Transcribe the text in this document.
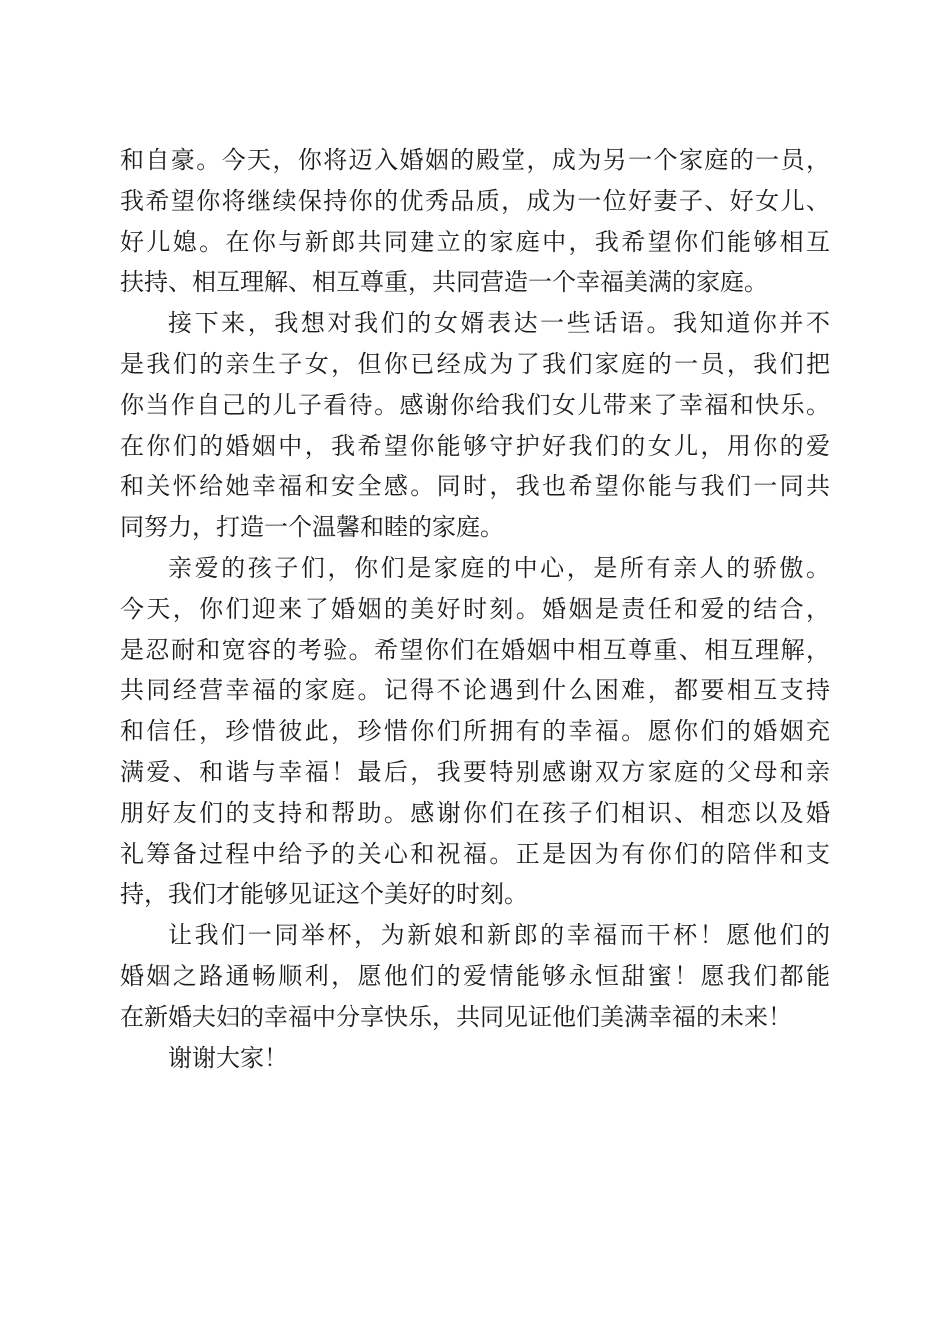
和自豪。今天，你将迈入婚姻的殿堂，成为另一个家庭的一员，
我希望你将继续保持你的优秀品质，成为一位好妻子、好女儿、
好儿媳。在你与新郎共同建立的家庭中，我希望你们能够相互
扶持、相互理解、相互尊重，共同营造一个幸福美满的家庭。
接下来，我想对我们的女婿表达一些话语。我知道你并不
是我们的亲生子女，但你已经成为了我们家庭的一员，我们把
你当作自己的儿子看待。感谢你给我们女儿带来了幸福和快乐。
在你们的婚姻中，我希望你能够守护好我们的女儿，用你的爱
和关怀给她幸福和安全感。同时，我也希望你能与我们一同共
同努力，打造一个温馨和睦的家庭。
亲爱的孩子们，你们是家庭的中心，是所有亲人的骄傲。
今天，你们迎来了婚姻的美好时刻。婚姻是责任和爱的结合，
是忍耐和宽容的考验。希望你们在婚姻中相互尊重、相互理解，
共同经营幸福的家庭。记得不论遇到什么困难，都要相互支持
和信任，珍惜彼此，珍惜你们所拥有的幸福。愿你们的婚姻充
满爱、和谐与幸福！最后，我要特别感谢双方家庭的父母和亲
朋好友们的支持和帮助。感谢你们在孩子们相识、相恋以及婚
礼筹备过程中给予的关心和祝福。正是因为有你们的陪伴和支
持，我们才能够见证这个美好的时刻。
让我们一同举杯，为新娘和新郎的幸福而干杯！愿他们的
婚姻之路通畅顺利，愿他们的爱情能够永恒甜蜜！愿我们都能
在新婚夫妇的幸福中分享快乐，共同见证他们美满幸福的未来！
谢谢大家！
